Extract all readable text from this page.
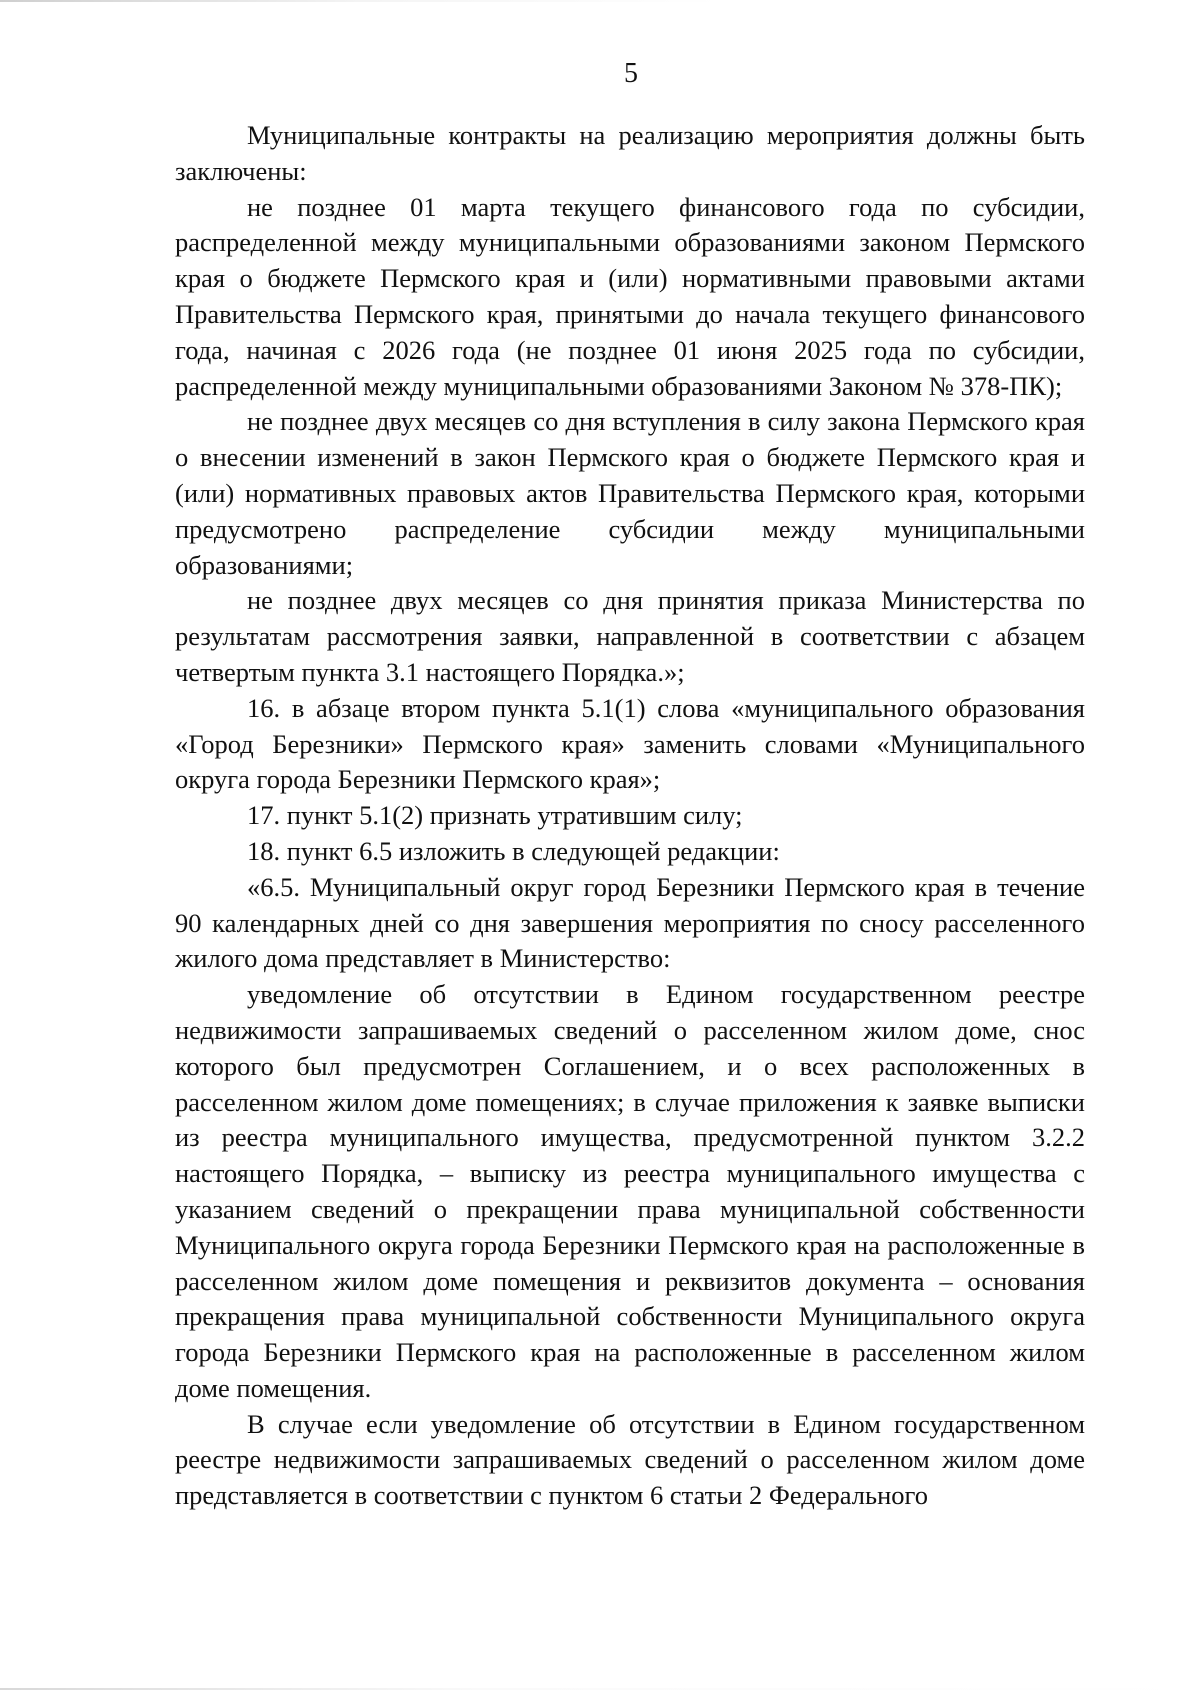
5

Муниципальные контракты на реализацию мероприятия должны быть заключены:

не позднее 01 марта текущего финансового года по субсидии, распределенной между муниципальными образованиями законом Пермского края о бюджете Пермского края и (или) нормативными правовыми актами Правительства Пермского края, принятыми до начала текущего финансового года, начиная с 2026 года (не позднее 01 июня 2025 года по субсидии, распределенной между муниципальными образованиями Законом № 378-ПК);

не позднее двух месяцев со дня вступления в силу закона Пермского края о внесении изменений в закон Пермского края о бюджете Пермского края и (или) нормативных правовых актов Правительства Пермского края, которыми предусмотрено распределение субсидии между муниципальными образованиями;

не позднее двух месяцев со дня принятия приказа Министерства по результатам рассмотрения заявки, направленной в соответствии с абзацем четвертым пункта 3.1 настоящего Порядка.»;

16. в абзаце втором пункта 5.1(1) слова «муниципального образования «Город Березники» Пермского края» заменить словами «Муниципального округа города Березники Пермского края»;

17. пункт 5.1(2) признать утратившим силу;

18. пункт 6.5 изложить в следующей редакции:

«6.5. Муниципальный округ город Березники Пермского края в течение 90 календарных дней со дня завершения мероприятия по сносу расселенного жилого дома представляет в Министерство:

уведомление об отсутствии в Едином государственном реестре недвижимости запрашиваемых сведений о расселенном жилом доме, снос которого был предусмотрен Соглашением, и о всех расположенных в расселенном жилом доме помещениях; в случае приложения к заявке выписки из реестра муниципального имущества, предусмотренной пунктом 3.2.2 настоящего Порядка, – выписку из реестра муниципального имущества с указанием сведений о прекращении права муниципальной собственности Муниципального округа города Березники Пермского края на расположенные в расселенном жилом доме помещения и реквизитов документа – основания прекращения права муниципальной собственности Муниципального округа города Березники Пермского края на расположенные в расселенном жилом доме помещения.

В случае если уведомление об отсутствии в Едином государственном реестре недвижимости запрашиваемых сведений о расселенном жилом доме представляется в соответствии с пунктом 6 статьи 2 Федерального
